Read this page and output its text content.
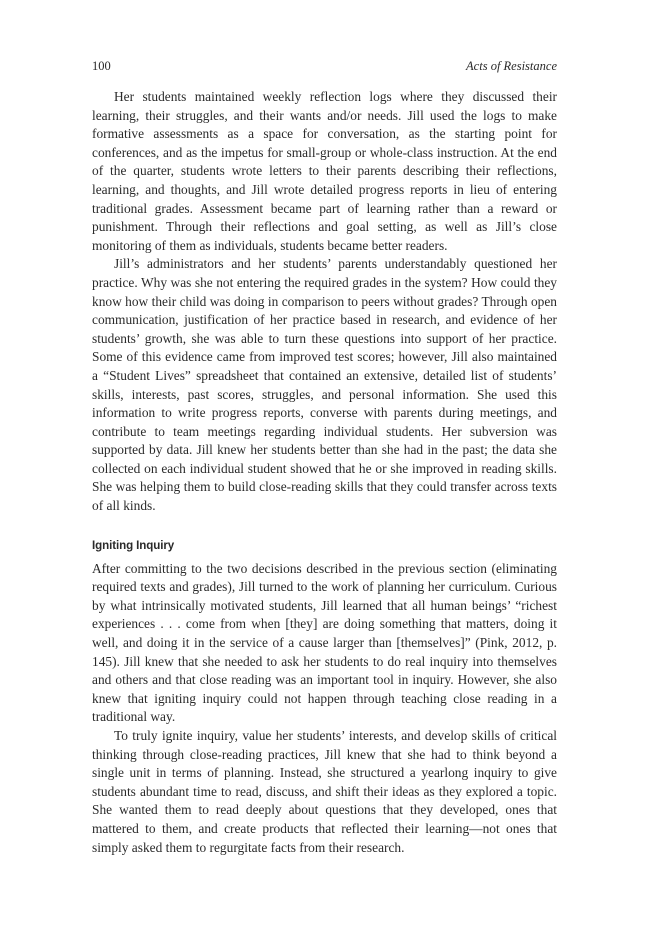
100	Acts of Resistance

Her students maintained weekly reflection logs where they discussed their learning, their struggles, and their wants and/or needs. Jill used the logs to make formative assessments as a space for conversation, as the starting point for conferences, and as the impetus for small-group or whole-class instruction. At the end of the quarter, students wrote letters to their parents describing their reflections, learning, and thoughts, and Jill wrote detailed progress reports in lieu of entering traditional grades. Assessment became part of learning rather than a reward or punishment. Through their reflections and goal setting, as well as Jill’s close monitoring of them as individuals, students became better readers.

Jill’s administrators and her students’ parents understandably questioned her practice. Why was she not entering the required grades in the system? How could they know how their child was doing in comparison to peers without grades? Through open communication, justification of her practice based in research, and evidence of her students’ growth, she was able to turn these questions into support of her practice. Some of this evidence came from improved test scores; however, Jill also maintained a “Student Lives” spreadsheet that contained an extensive, detailed list of students’ skills, interests, past scores, struggles, and personal information. She used this information to write progress reports, converse with parents during meetings, and contribute to team meetings regarding individual students. Her subversion was supported by data. Jill knew her students better than she had in the past; the data she collected on each individual student showed that he or she improved in reading skills. She was helping them to build close-reading skills that they could transfer across texts of all kinds.

Igniting Inquiry

After committing to the two decisions described in the previous section (eliminating required texts and grades), Jill turned to the work of planning her curriculum. Curious by what intrinsically motivated students, Jill learned that all human beings’ “richest experiences . . . come from when [they] are doing something that matters, doing it well, and doing it in the service of a cause larger than [themselves]” (Pink, 2012, p. 145). Jill knew that she needed to ask her students to do real inquiry into themselves and others and that close reading was an important tool in inquiry. However, she also knew that igniting inquiry could not happen through teaching close reading in a traditional way.

To truly ignite inquiry, value her students’ interests, and develop skills of critical thinking through close-reading practices, Jill knew that she had to think beyond a single unit in terms of planning. Instead, she structured a yearlong inquiry to give students abundant time to read, discuss, and shift their ideas as they explored a topic. She wanted them to read deeply about questions that they developed, ones that mattered to them, and create products that reflected their learning—not ones that simply asked them to regurgitate facts from their research.
